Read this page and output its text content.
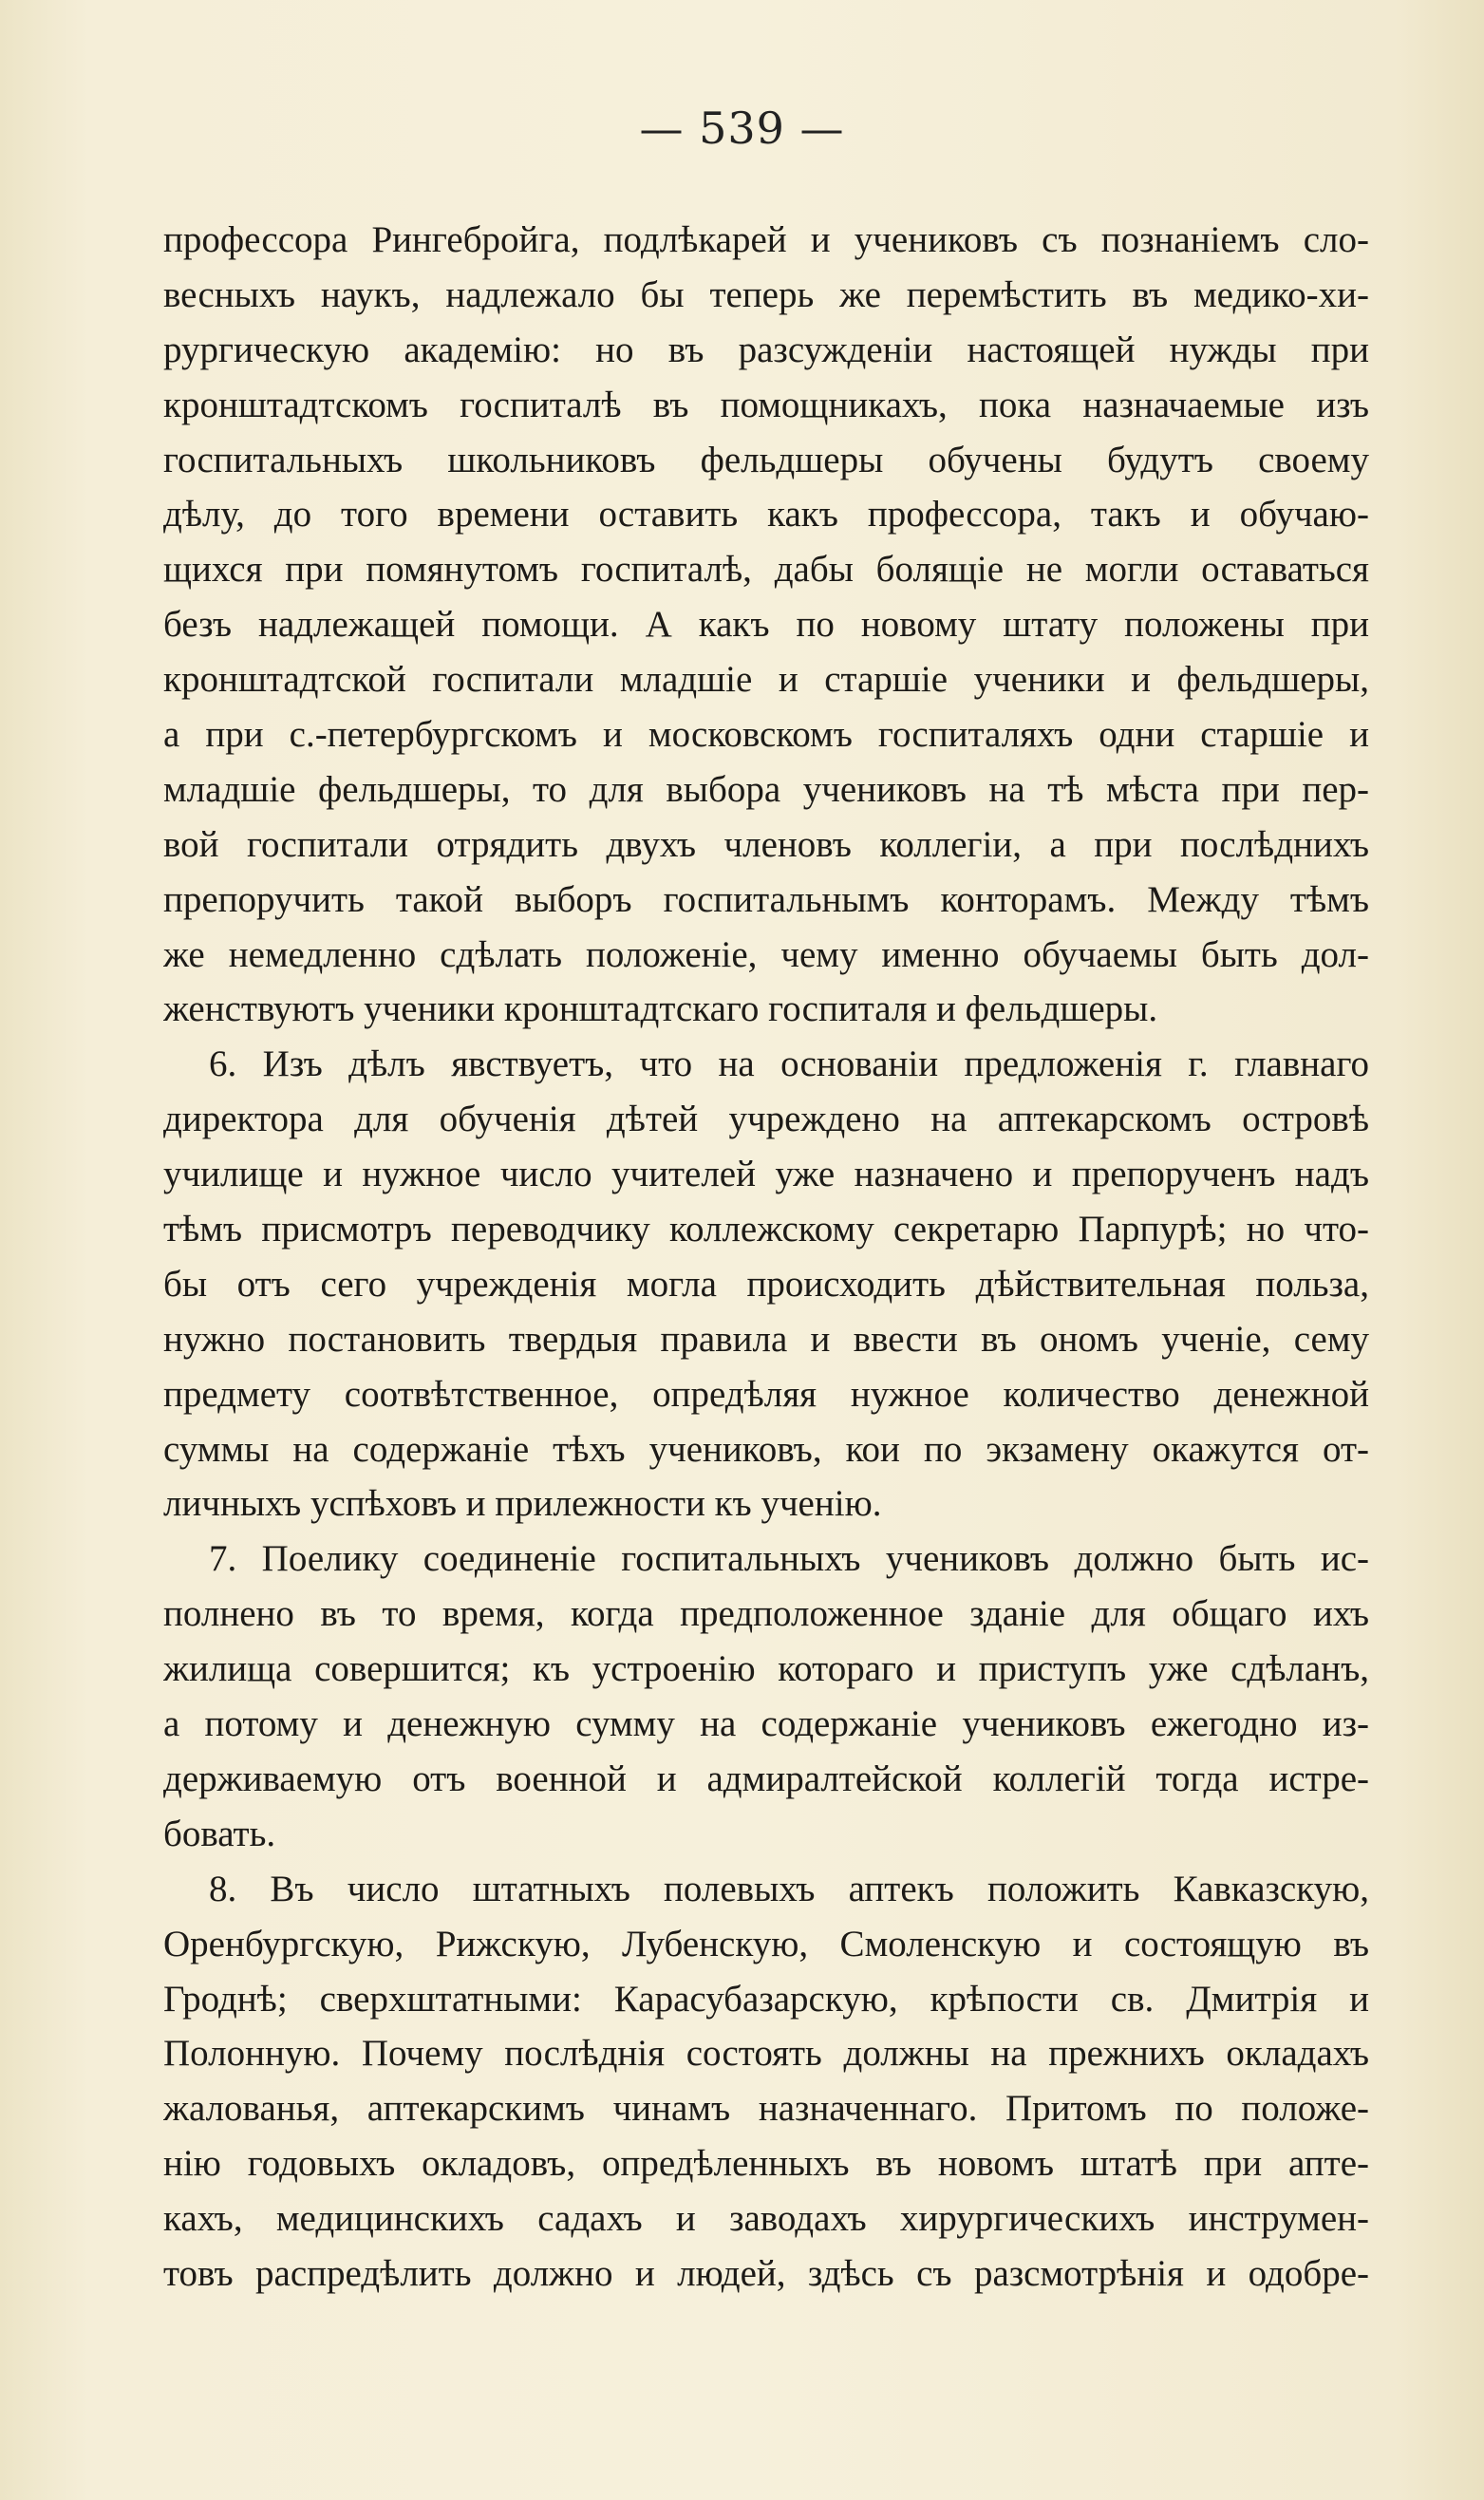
— 539 —
профессора Рингебройга, подлѣкарей и учениковъ съ познаніемъ сло-
весныхъ наукъ, надлежало бы теперь же перемѣстить въ медико-хи-
рургическую академію: но въ разсужденіи настоящей нужды при
кронштадтскомъ госпиталѣ въ помощникахъ, пока назначаемые изъ
госпитальныхъ школьниковъ фельдшеры обучены будутъ своему
дѣлу, до того времени оставить какъ профессора, такъ и обучаю-
щихся при помянутомъ госпиталѣ, дабы болящіе не могли оставаться
безъ надлежащей помощи. А какъ по новому штату положены при
кронштадтской госпитали младшіе и старшіе ученики и фельдшеры,
а при с.-петербургскомъ и московскомъ госпиталяхъ одни старшіе и
младшіе фельдшеры, то для выбора учениковъ на тѣ мѣста при пер-
вой госпитали отрядить двухъ членовъ коллегіи, а при послѣднихъ
препоручить такой выборъ госпитальнымъ конторамъ. Между тѣмъ
же немедленно сдѣлать положеніе, чему именно обучаемы быть дол-
женствуютъ ученики кронштадтскаго госпиталя и фельдшеры.
6. Изъ дѣлъ явствуетъ, что на основаніи предложенія г. главнаго
директора для обученія дѣтей учреждено на аптекарскомъ островѣ
училище и нужное число учителей уже назначено и препорученъ надъ
тѣмъ присмотръ переводчику коллежскому секретарю Парпурѣ; но что-
бы отъ сего учрежденія могла происходить дѣйствительная польза,
нужно постановить твердыя правила и ввести въ ономъ ученіе, сему
предмету соотвѣтственное, опредѣляя нужное количество денежной
суммы на содержаніе тѣхъ учениковъ, кои по экзамену окажутся от-
личныхъ успѣховъ и прилежности къ ученію.
7. Поелику соединеніе госпитальныхъ учениковъ должно быть ис-
полнено въ то время, когда предположенное зданіе для общаго ихъ
жилища совершится; къ устроенію котораго и приступъ уже сдѣланъ,
а потому и денежную сумму на содержаніе учениковъ ежегодно из-
держиваемую отъ военной и адмиралтейской коллегій тогда истре-
бовать.
8. Въ число штатныхъ полевыхъ аптекъ положить Кавказскую,
Оренбургскую, Рижскую, Лубенскую, Смоленскую и состоящую въ
Гроднѣ; сверхштатными: Карасубазарскую, крѣпости св. Дмитрія и
Полонную. Почему послѣднія состоять должны на прежнихъ окладахъ
жалованья, аптекарскимъ чинамъ назначеннаго. Притомъ по положе-
нію годовыхъ окладовъ, опредѣленныхъ въ новомъ штатѣ при апте-
кахъ, медицинскихъ садахъ и заводахъ хирургическихъ инструмен-
товъ распредѣлить должно и людей, здѣсь съ разсмотрѣнія и одобре-
